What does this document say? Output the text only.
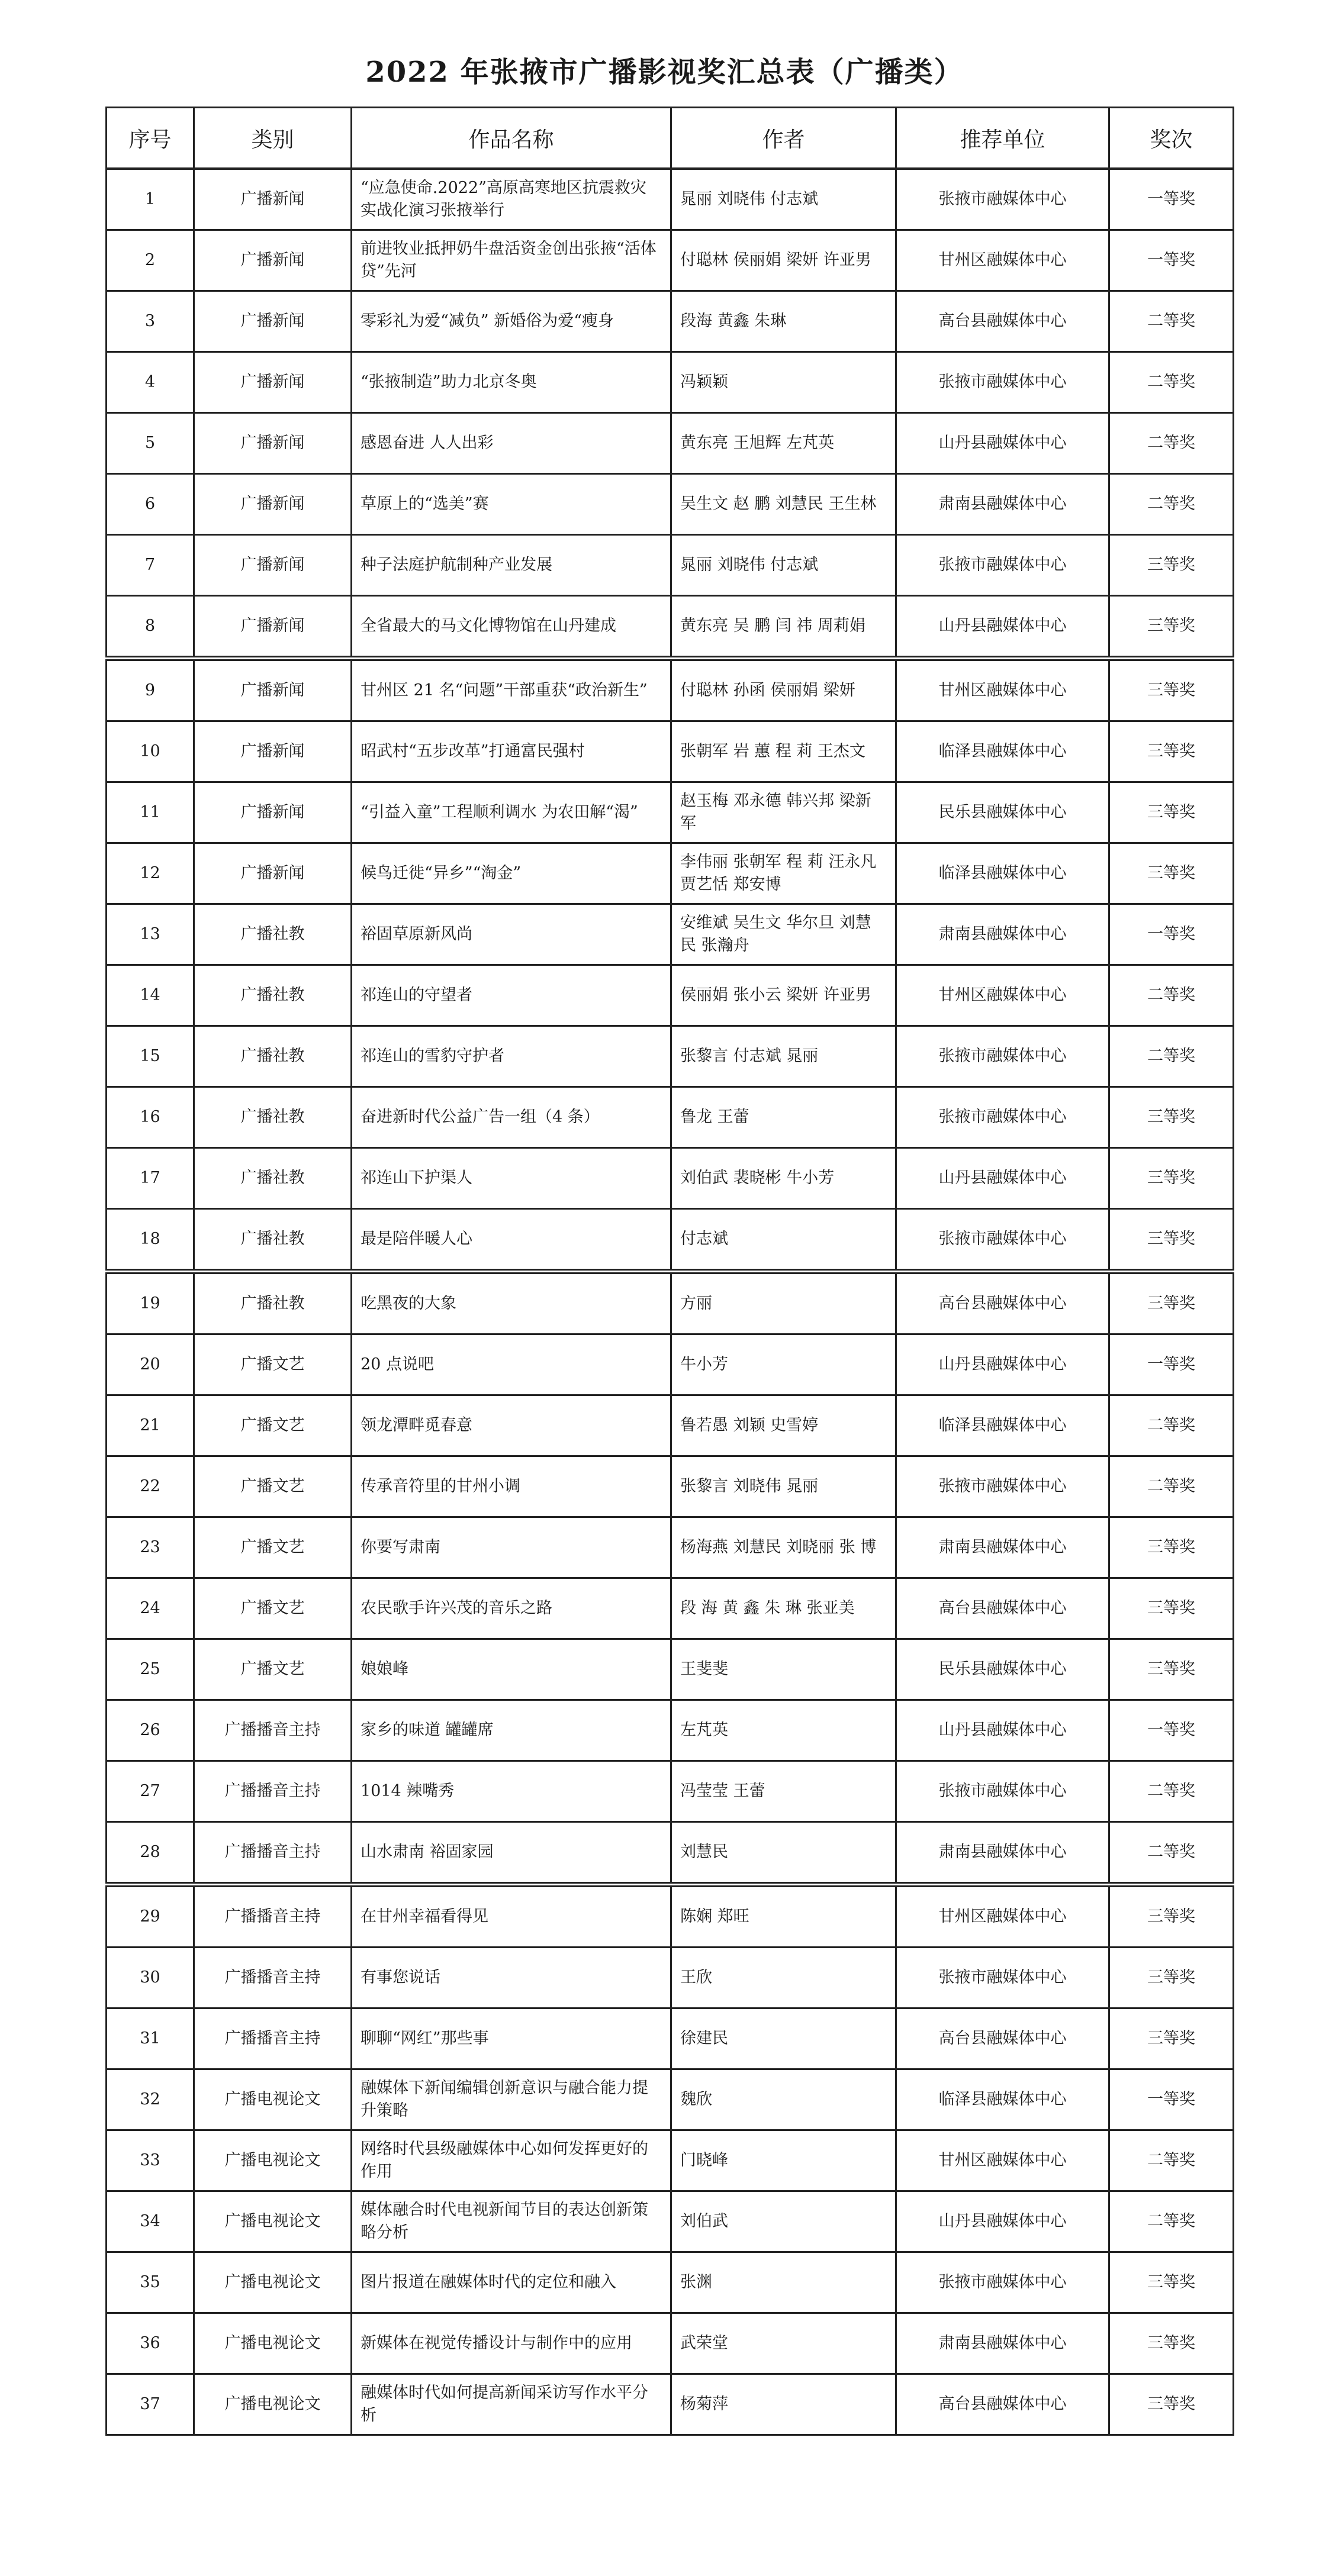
2022 年张掖市广播影视奖汇总表（广播类）
序号	类别	作品名称	作者	推荐单位	奖次
1	广播新闻	“应急使命.2022”高原高寒地区抗震救灾实战化演习张掖举行	晁丽 刘晓伟 付志斌	张掖市融媒体中心	一等奖
2	广播新闻	前进牧业抵押奶牛盘活资金创出张掖“活体贷”先河	付聪林 侯丽娟 梁妍 许亚男	甘州区融媒体中心	一等奖
3	广播新闻	零彩礼为爱“减负” 新婚俗为爱“瘦身	段海 黄鑫 朱琳	高台县融媒体中心	二等奖
4	广播新闻	“张掖制造”助力北京冬奥	冯颖颖	张掖市融媒体中心	二等奖
5	广播新闻	感恩奋进 人人出彩	黄东亮 王旭辉 左芃英	山丹县融媒体中心	二等奖
6	广播新闻	草原上的“选美”赛	吴生文 赵 鹏 刘慧民 王生林	肃南县融媒体中心	二等奖
7	广播新闻	种子法庭护航制种产业发展	晁丽 刘晓伟 付志斌	张掖市融媒体中心	三等奖
8	广播新闻	全省最大的马文化博物馆在山丹建成	黄东亮 吴 鹏 闫 祎 周莉娟	山丹县融媒体中心	三等奖
9	广播新闻	甘州区 21 名“问题”干部重获“政治新生”	付聪林 孙函 侯丽娟 梁妍	甘州区融媒体中心	三等奖
10	广播新闻	昭武村“五步改革”打通富民强村	张朝军 岩 蕙 程 莉 王杰文	临泽县融媒体中心	三等奖
11	广播新闻	“引益入童”工程顺利调水 为农田解“渴”	赵玉梅 邓永德 韩兴邦 梁新军	民乐县融媒体中心	三等奖
12	广播新闻	候鸟迁徙“异乡”“淘金”	李伟丽 张朝军 程 莉 汪永凡 贾艺恬 郑安博	临泽县融媒体中心	三等奖
13	广播社教	裕固草原新风尚	安维斌 吴生文 华尔旦 刘慧民 张瀚舟	肃南县融媒体中心	一等奖
14	广播社教	祁连山的守望者	侯丽娟 张小云 梁妍 许亚男	甘州区融媒体中心	二等奖
15	广播社教	祁连山的雪豹守护者	张黎言 付志斌 晁丽	张掖市融媒体中心	二等奖
16	广播社教	奋进新时代公益广告一组（4 条）	鲁龙 王蕾	张掖市融媒体中心	三等奖
17	广播社教	祁连山下护渠人	刘伯武 裴晓彬 牛小芳	山丹县融媒体中心	三等奖
18	广播社教	最是陪伴暖人心	付志斌	张掖市融媒体中心	三等奖
19	广播社教	吃黑夜的大象	方丽	高台县融媒体中心	三等奖
20	广播文艺	20 点说吧	牛小芳	山丹县融媒体中心	一等奖
21	广播文艺	领龙潭畔觅春意	鲁若愚 刘颖 史雪婷	临泽县融媒体中心	二等奖
22	广播文艺	传承音符里的甘州小调	张黎言 刘晓伟 晁丽	张掖市融媒体中心	二等奖
23	广播文艺	你要写肃南	杨海燕 刘慧民 刘晓丽 张 博	肃南县融媒体中心	三等奖
24	广播文艺	农民歌手许兴茂的音乐之路	段 海 黄 鑫 朱 琳 张亚美	高台县融媒体中心	三等奖
25	广播文艺	娘娘峰	王斐斐	民乐县融媒体中心	三等奖
26	广播播音主持	家乡的味道 罐罐席	左芃英	山丹县融媒体中心	一等奖
27	广播播音主持	1014 辣嘴秀	冯莹莹 王蕾	张掖市融媒体中心	二等奖
28	广播播音主持	山水肃南 裕固家园	刘慧民	肃南县融媒体中心	二等奖
29	广播播音主持	在甘州幸福看得见	陈娴 郑旺	甘州区融媒体中心	三等奖
30	广播播音主持	有事您说话	王欣	张掖市融媒体中心	三等奖
31	广播播音主持	聊聊“网红”那些事	徐建民	高台县融媒体中心	三等奖
32	广播电视论文	融媒体下新闻编辑创新意识与融合能力提升策略	魏欣	临泽县融媒体中心	一等奖
33	广播电视论文	网络时代县级融媒体中心如何发挥更好的作用	门晓峰	甘州区融媒体中心	二等奖
34	广播电视论文	媒体融合时代电视新闻节目的表达创新策略分析	刘伯武	山丹县融媒体中心	二等奖
35	广播电视论文	图片报道在融媒体时代的定位和融入	张渊	张掖市融媒体中心	三等奖
36	广播电视论文	新媒体在视觉传播设计与制作中的应用	武荣堂	肃南县融媒体中心	三等奖
37	广播电视论文	融媒体时代如何提高新闻采访写作水平分析	杨菊萍	高台县融媒体中心	三等奖
